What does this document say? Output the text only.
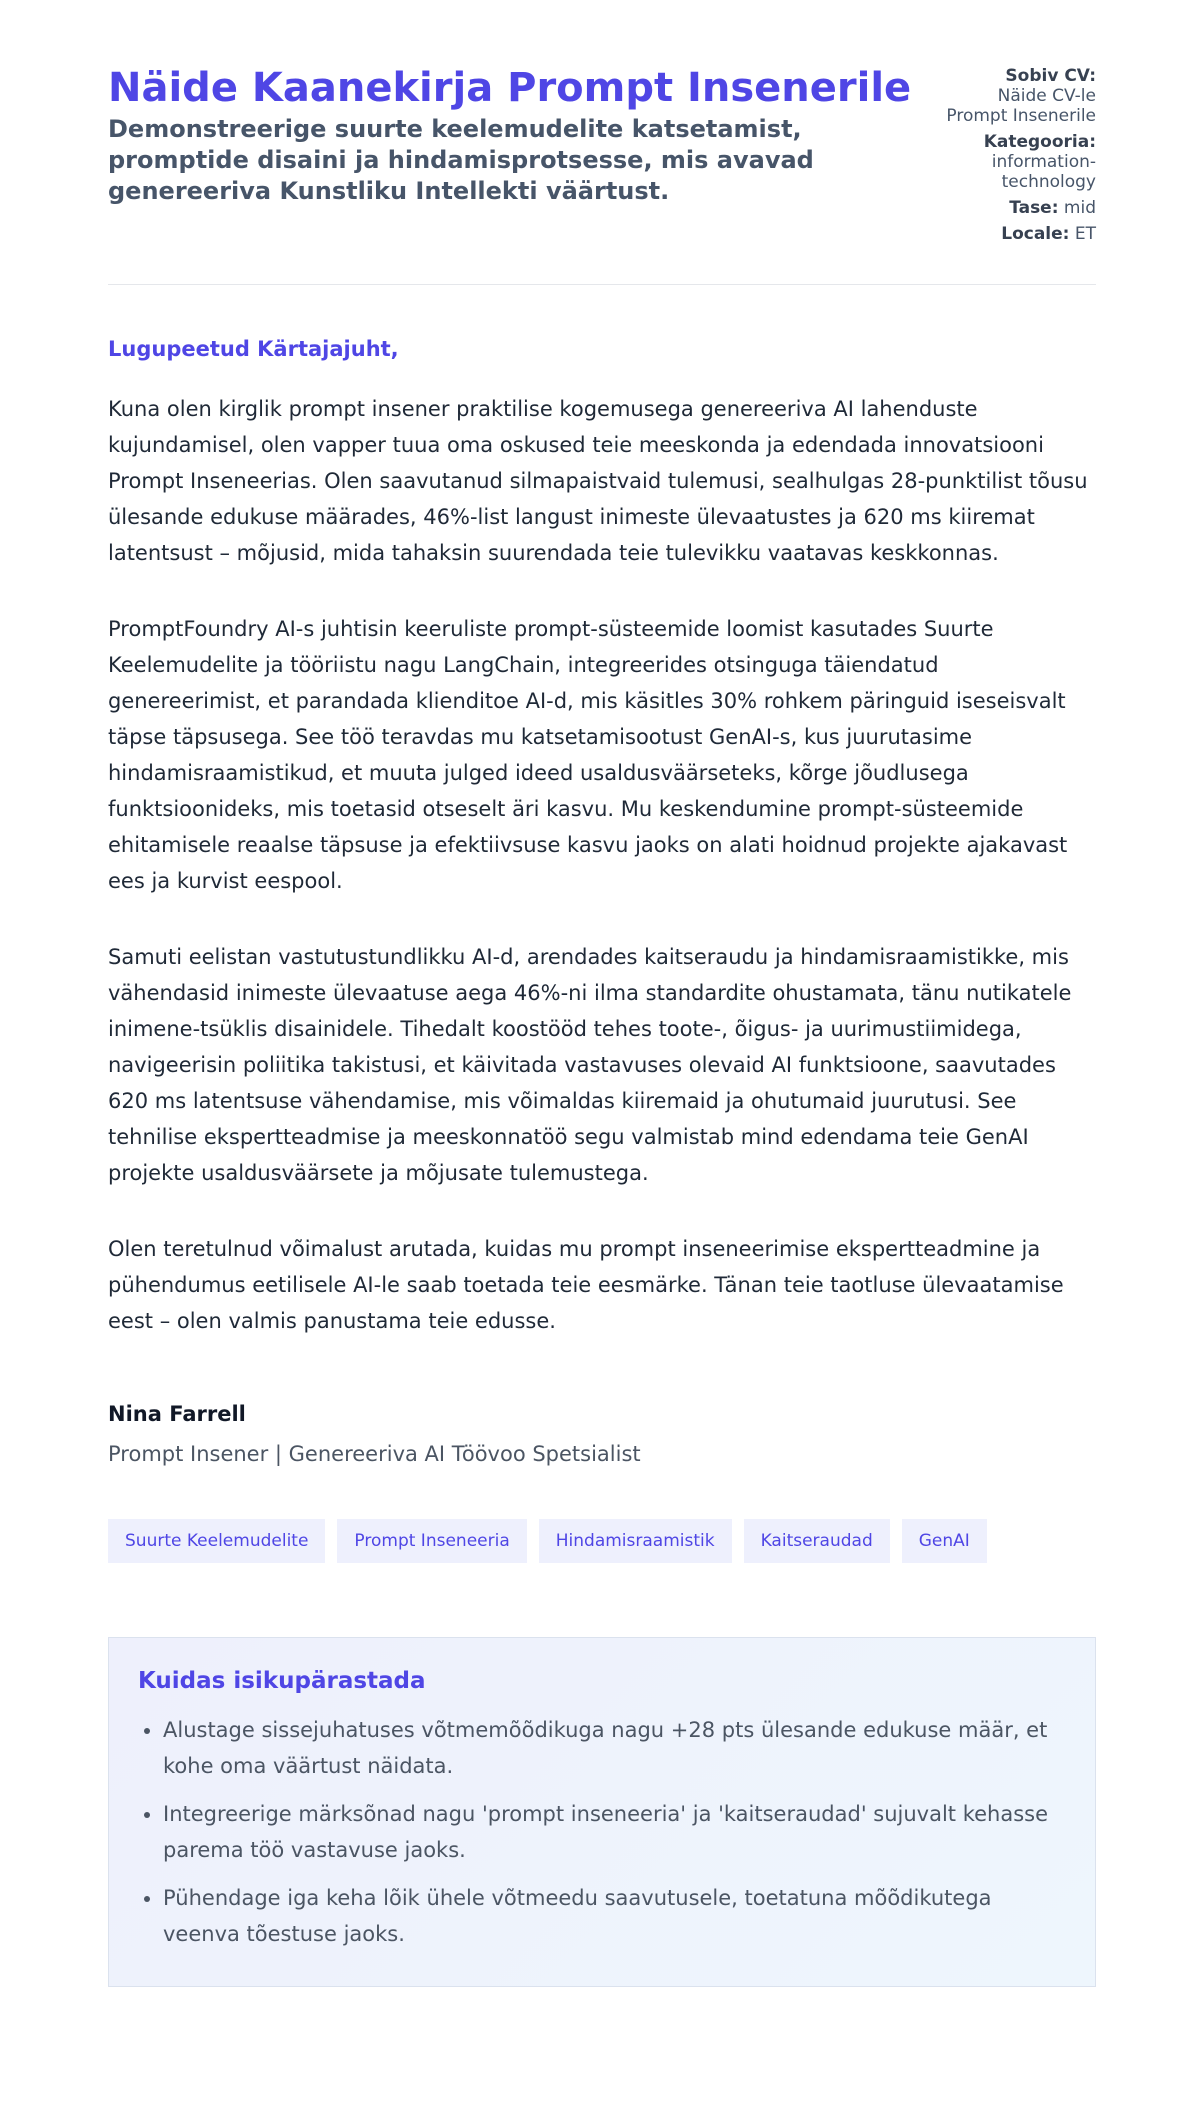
Näide Kaanekirja Prompt Insenerile

Demonstreerige suurte keelemudelite katsetamist, promptide disaini ja hindamisprotsesse, mis avavad genereeriva Kunstliku Intellekti väärtust.

Sobiv CV:
Näide CV-le Prompt Insenerile
Kategooria:
information-technology
Tase: mid
Locale: ET

Lugupeetud Kärtajajuht,

Kuna olen kirglik prompt insener praktilise kogemusega genereeriva AI lahenduste kujundamisel, olen vapper tuua oma oskused teie meeskonda ja edendada innovatsiooni Prompt Inseneerias. Olen saavutanud silmapaistvaid tulemusi, sealhulgas 28-punktilist tõusu ülesande edukuse määrades, 46%-list langust inimeste ülevaatustes ja 620 ms kiiremat latentsust – mõjusid, mida tahaksin suurendada teie tulevikku vaatavas keskkonnas.

PromptFoundry AI-s juhtisin keeruliste prompt-süsteemide loomist kasutades Suurte Keelemudelite ja tööriistu nagu LangChain, integreerides otsinguga täiendatud genereerimist, et parandada klienditoe AI-d, mis käsitles 30% rohkem päringuid iseseisvalt täpse täpsusega. See töö teravdas mu katsetamisootust GenAI-s, kus juurutasime hindamisraamistikud, et muuta julged ideed usaldusväärseteks, kõrge jõudlusega funktsioonideks, mis toetasid otseselt äri kasvu. Mu keskendumine prompt-süsteemide ehitamisele reaalse täpsuse ja efektiivsuse kasvu jaoks on alati hoidnud projekte ajakavast ees ja kurvist eespool.

Samuti eelistan vastutustundlikku AI-d, arendades kaitseraudu ja hindamisraamistikke, mis vähendasid inimeste ülevaatuse aega 46%-ni ilma standardite ohustamata, tänu nutikatele inimene-tsüklis disainidele. Tihedalt koostööd tehes toote-, õigus- ja uurimustiimidega, navigeerisin poliitika takistusi, et käivitada vastavuses olevaid AI funktsioone, saavutades 620 ms latentsuse vähendamise, mis võimaldas kiiremaid ja ohutumaid juurutusi. See tehnilise ekspertteadmise ja meeskonnatöö segu valmistab mind edendama teie GenAI projekte usaldusväärsete ja mõjusate tulemustega.

Olen teretulnud võimalust arutada, kuidas mu prompt inseneerimise ekspertteadmine ja pühendumus eetilisele AI-le saab toetada teie eesmärke. Tänan teie taotluse ülevaatamise eest – olen valmis panustama teie edusse.

Nina Farrell
Prompt Insener | Genereeriva AI Töövoo Spetsialist
Suurte Keelemudelite	Prompt Inseneeria	Hindamisraamistik	Kaitseraudad	GenAI
Kuidas isikupärastada
• Alustage sissejuhatuses võtmemõõdikuga nagu +28 pts ülesande edukuse määr, et kohe oma väärtust näidata.
• Integreerige märksõnad nagu 'prompt inseneeria' ja 'kaitseraudad' sujuvalt kehasse parema töö vastavuse jaoks.
• Pühendage iga keha lõik ühele võtmeedu saavutusele, toetatuna mõõdikutega veenva tõestuse jaoks.
